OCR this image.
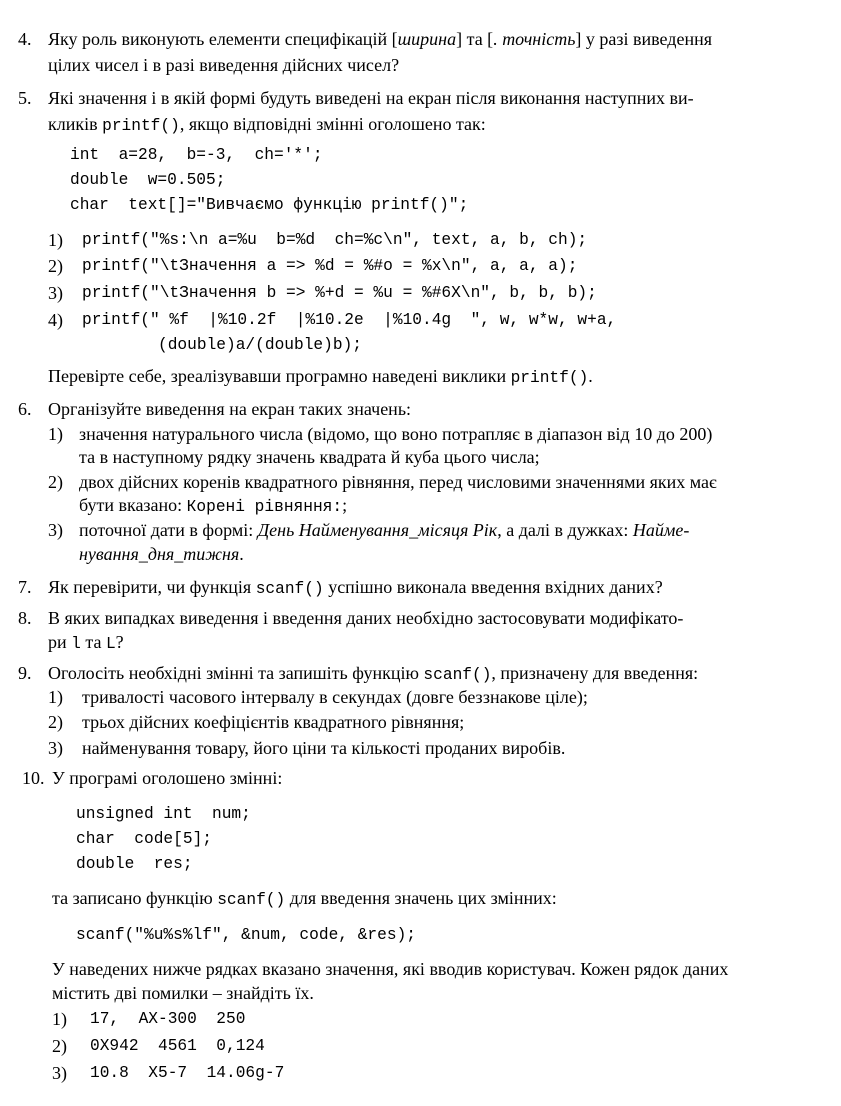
4. Яку роль виконують елементи специфікацій [ширина] та [. точність] у разі виведення
цілих чисел і в разі виведення дійсних чисел?
5. Які значення і в якій формі будуть виведені на екран після виконання наступних ви-
кликів printf(), якщо відповідні змінні оголошено так:
int  a=28,  b=-3,  ch='*';
double  w=0.505;
char  text[]="Вивчаємо функцію printf()";
1) printf("%s:\n a=%u  b=%d  ch=%c\n", text, a, b, ch);
2) printf("\tЗначення a => %d = %#o = %x\n", a, a, a);
3) printf("\tЗначення b => %+d = %u = %#6X\n", b, b, b);
4) printf(" %f  |%10.2f  |%10.2e  |%10.4g  ", w, w*w, w+a,
(double)a/(double)b);
Перевірте себе, зреалізувавши програмно наведені виклики printf().
6. Організуйте виведення на екран таких значень:
1) значення натурального числа (відомо, що воно потрапляє в діапазон від 10 до 200)
та в наступному рядку значень квадрата й куба цього числа;
2) двох дійсних коренів квадратного рівняння, перед числовими значеннями яких має
бути вказано: Корені рівняння:;
3) поточної дати в формі: День Найменування_місяця Рік, а далі в дужках: Найме-
нування_дня_тижня.
7. Як перевірити, чи функція scanf() успішно виконала введення вхідних даних?
8. В яких випадках виведення і введення даних необхідно застосовувати модифікато-
ри l та L?
9. Оголосіть необхідні змінні та запишіть функцію scanf(), призначену для введення:
1) тривалості часового інтервалу в секундах (довге беззнакове ціле);
2) трьох дійсних коефіцієнтів квадратного рівняння;
3) найменування товару, його ціни та кількості проданих виробів.
10. У програмі оголошено змінні:
unsigned int  num;
char  code[5];
double  res;
та записано функцію scanf() для введення значень цих змінних:
scanf("%u%s%lf", &num, code, &res);
У наведених нижче рядках вказано значення, які вводив користувач. Кожен рядок даних
містить дві помилки – знайдіть їх.
1) 17,  AX-300  250
2) 0X942  4561  0,124
3) 10.8  X5-7  14.06g-7
